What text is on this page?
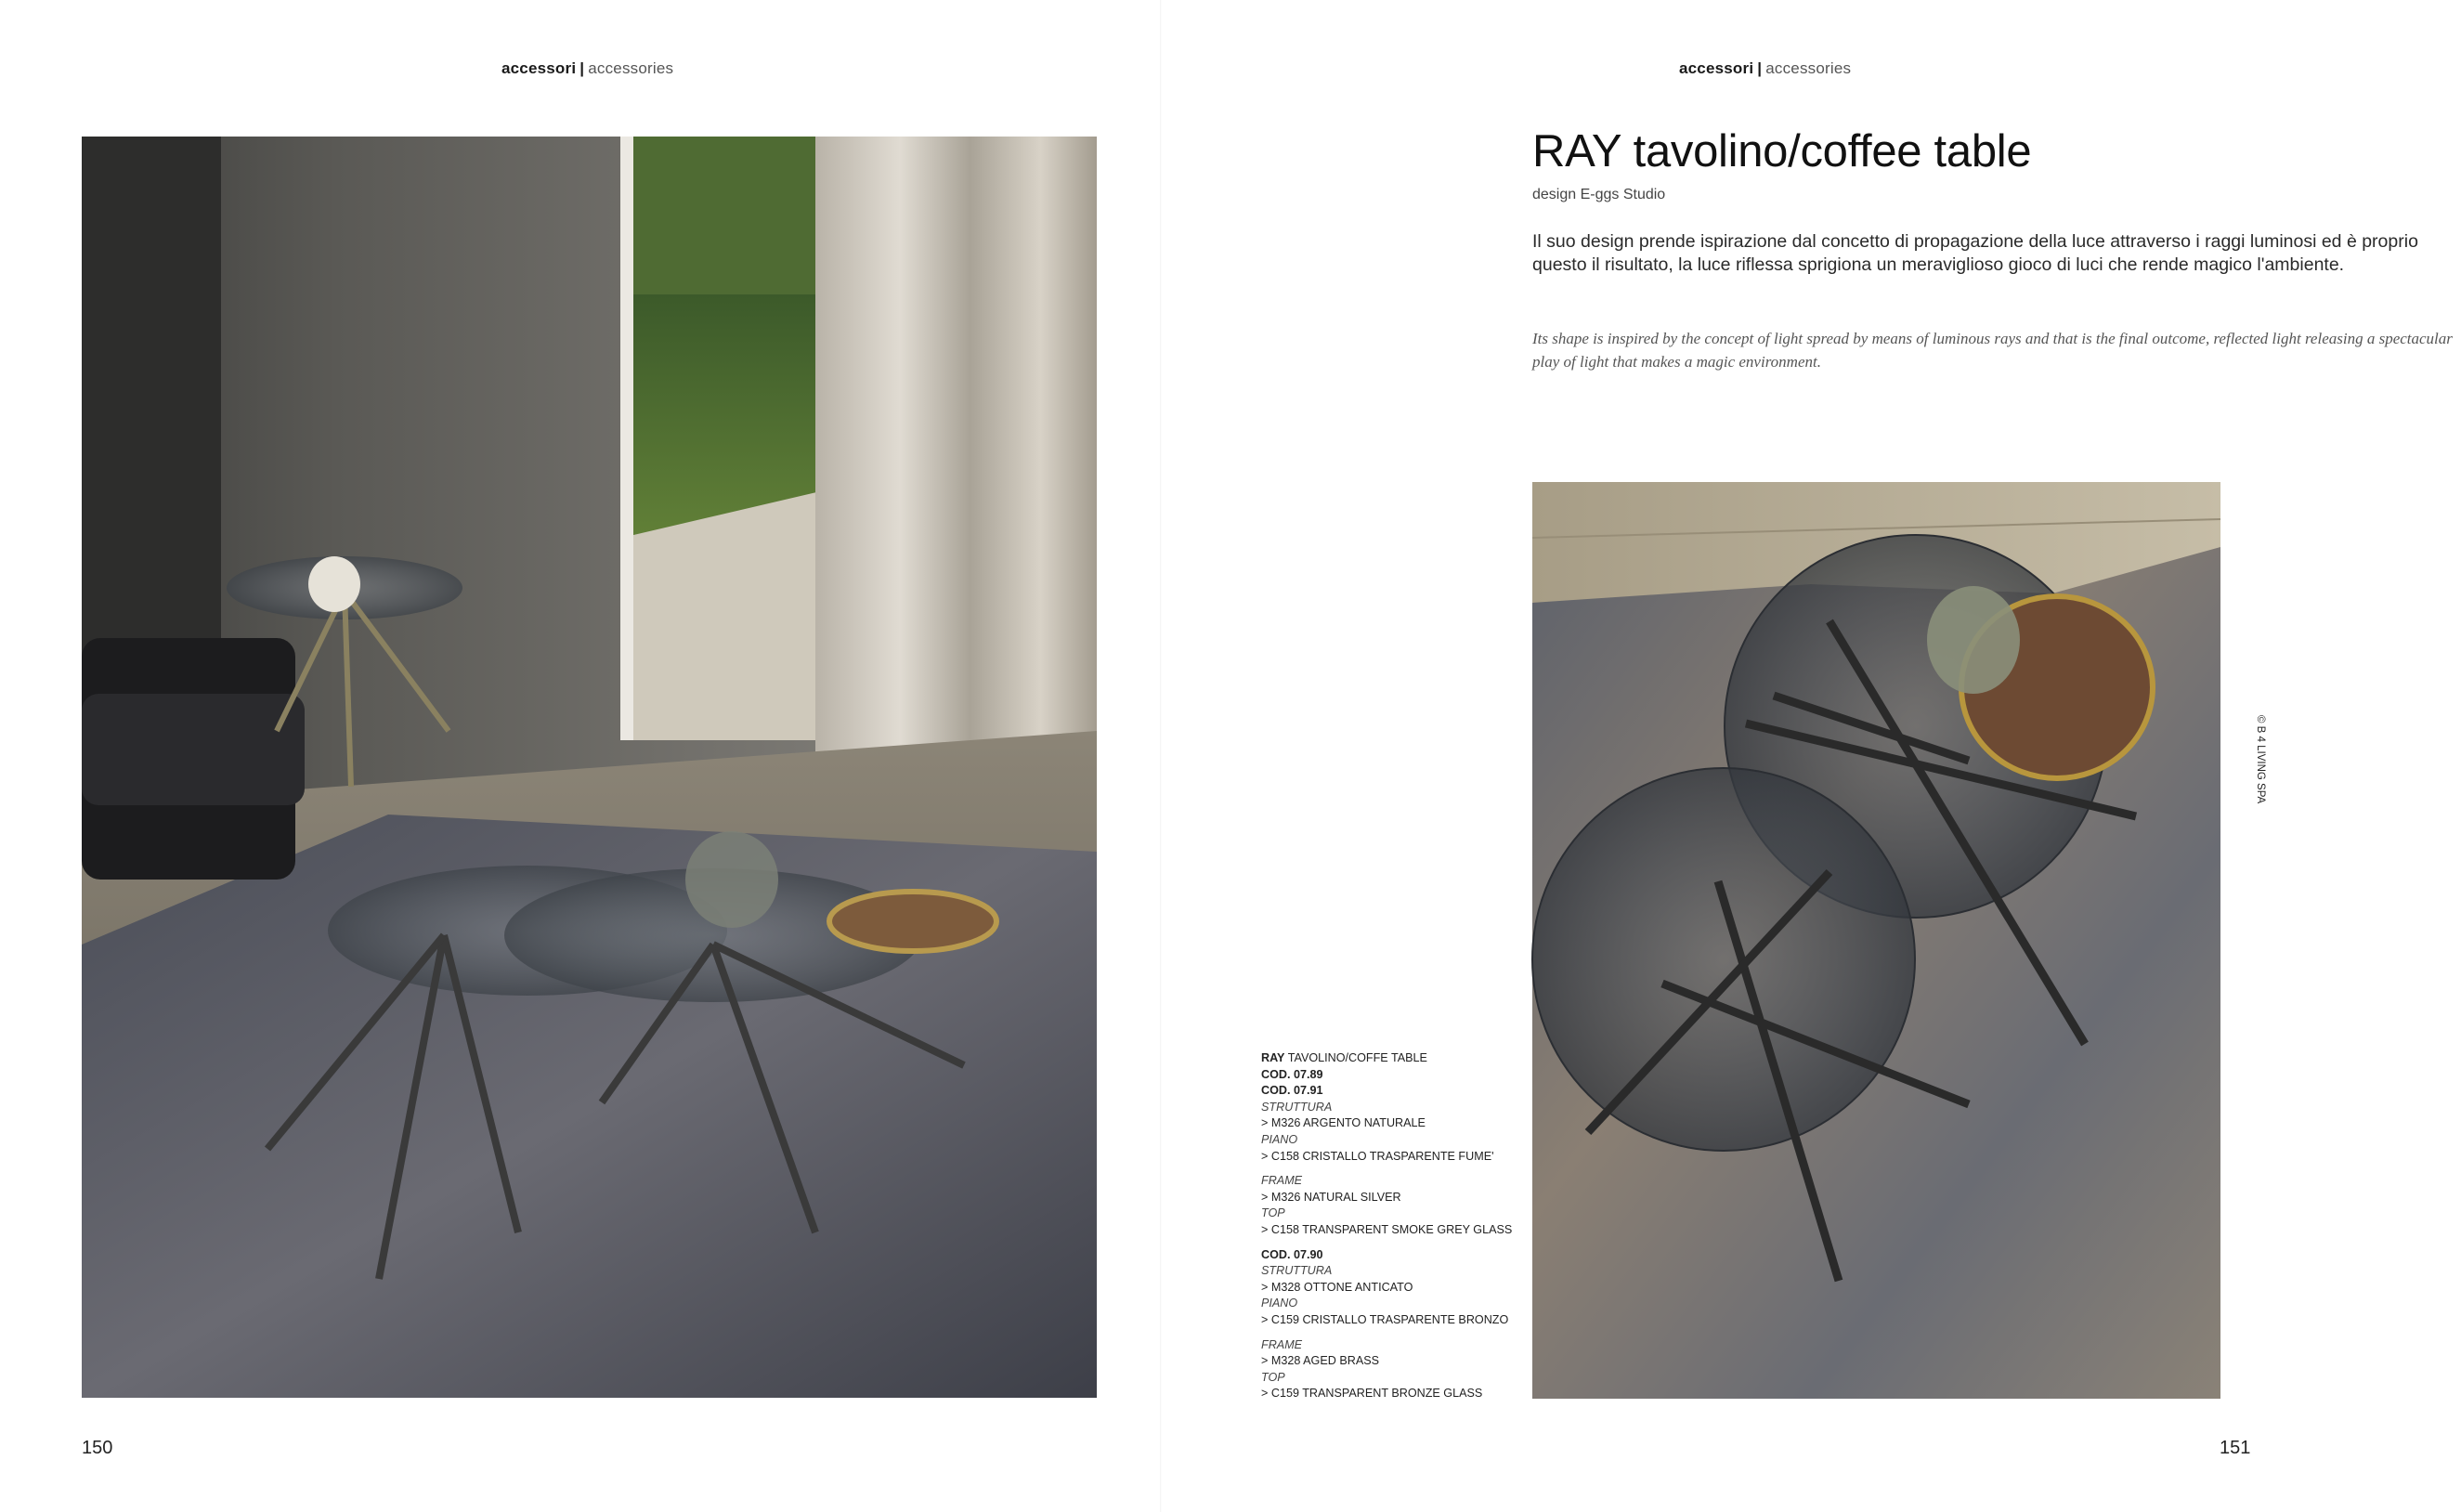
accessori | accessories
150
accessori | accessories
RAY tavolino/coffee table
design E-ggs Studio
Il suo design prende ispirazione dal concetto di propagazione della luce attraverso i raggi luminosi ed è proprio questo il risultato, la luce riflessa sprigiona un meraviglioso gioco di luci che rende magico l'ambiente.
Its shape is inspired by the concept of light spread by means of luminous rays and that is the final outcome, reflected light releasing a spectacular play of light that makes a magic environment.
RAY TAVOLINO/COFFE TABLE
COD. 07.89
COD. 07.91
STRUTTURA
> M326 ARGENTO NATURALE
PIANO
> C158 CRISTALLO TRASPARENTE FUME'
FRAME
> M326 NATURAL SILVER
TOP
> C158 TRANSPARENT SMOKE GREY GLASS
COD. 07.90
STRUTTURA
> M328 OTTONE ANTICATO
PIANO
> C159 CRISTALLO TRASPARENTE BRONZO
FRAME
> M328 AGED BRASS
TOP
> C159 TRANSPARENT BRONZE GLASS
© B 4 LIVING SPA
151
